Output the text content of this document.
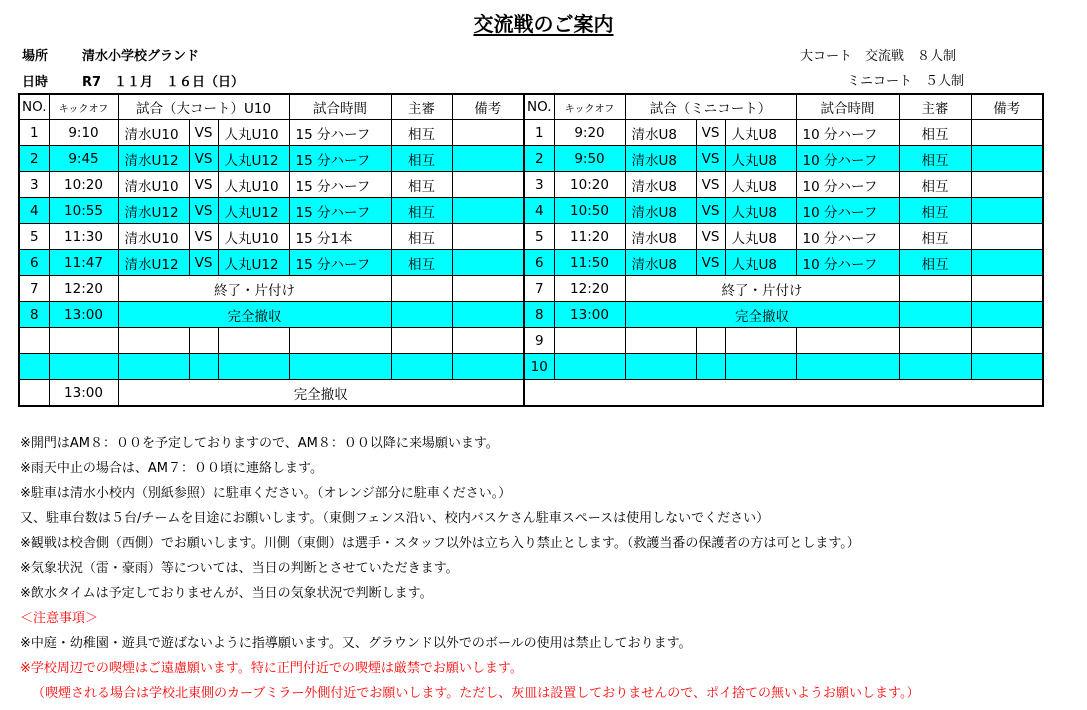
交流戦のご案内
場所	清水小学校グランド
日時	R7　１１月　１６日（日）
大コート　交流戦　８人制
ミニコート　５人制
NO.	キックオフ	試合（大コート）U10			試合時間	主審	備考	NO.	キックオフ	試合（ミニコート）			試合時間	主審	備考
1	9:10	清水U10	VS	人丸U10	15 分ハーフ	相互		1	9:20	清水U8	VS	人丸U8	10 分ハーフ	相互	
2	9:45	清水U12	VS	人丸U12	15 分ハーフ	相互		2	9:50	清水U8	VS	人丸U8	10 分ハーフ	相互	
3	10:20	清水U10	VS	人丸U10	15 分ハーフ	相互		3	10:20	清水U8	VS	人丸U8	10 分ハーフ	相互	
4	10:55	清水U12	VS	人丸U12	15 分ハーフ	相互		4	10:50	清水U8	VS	人丸U8	10 分ハーフ	相互	
5	11:30	清水U10	VS	人丸U10	15 分1本	相互		5	11:20	清水U8	VS	人丸U8	10 分ハーフ	相互	
6	11:47	清水U12	VS	人丸U12	15 分ハーフ	相互		6	11:50	清水U8	VS	人丸U8	10 分ハーフ	相互	
7	12:20	終了・片付け						7	12:20	終了・片付け					
8	13:00	完全撤収						8	13:00	完全撤収					
								9							
								10							
	13:00	完全撤収													
※開門はAM８：００を予定しておりますので、AM８：００以降に来場願います。
※雨天中止の場合は、AM７：００頃に連絡します。
※駐車は清水小校内（別紙参照）に駐車ください。（オレンジ部分に駐車ください。）
又、駐車台数は５台/チームを目途にお願いします。（東側フェンス沿い、校内バスケさん駐車スペースは使用しないでください）
※観戦は校舎側（西側）でお願いします。川側（東側）は選手・スタッフ以外は立ち入り禁止とします。（救護当番の保護者の方は可とします。）
※気象状況（雷・豪雨）等については、当日の判断とさせていただきます。
※飲水タイムは予定しておりませんが、当日の気象状況で判断します。
＜注意事項＞
※中庭・幼稚園・遊具で遊ばないように指導願います。又、グラウンド以外でのボールの使用は禁止しております。
※学校周辺での喫煙はご遠慮願います。特に正門付近での喫煙は厳禁でお願いします。
（喫煙される場合は学校北東側のカーブミラー外側付近でお願いします。ただし、灰皿は設置しておりませんので、ポイ捨ての無いようお願いします。）
